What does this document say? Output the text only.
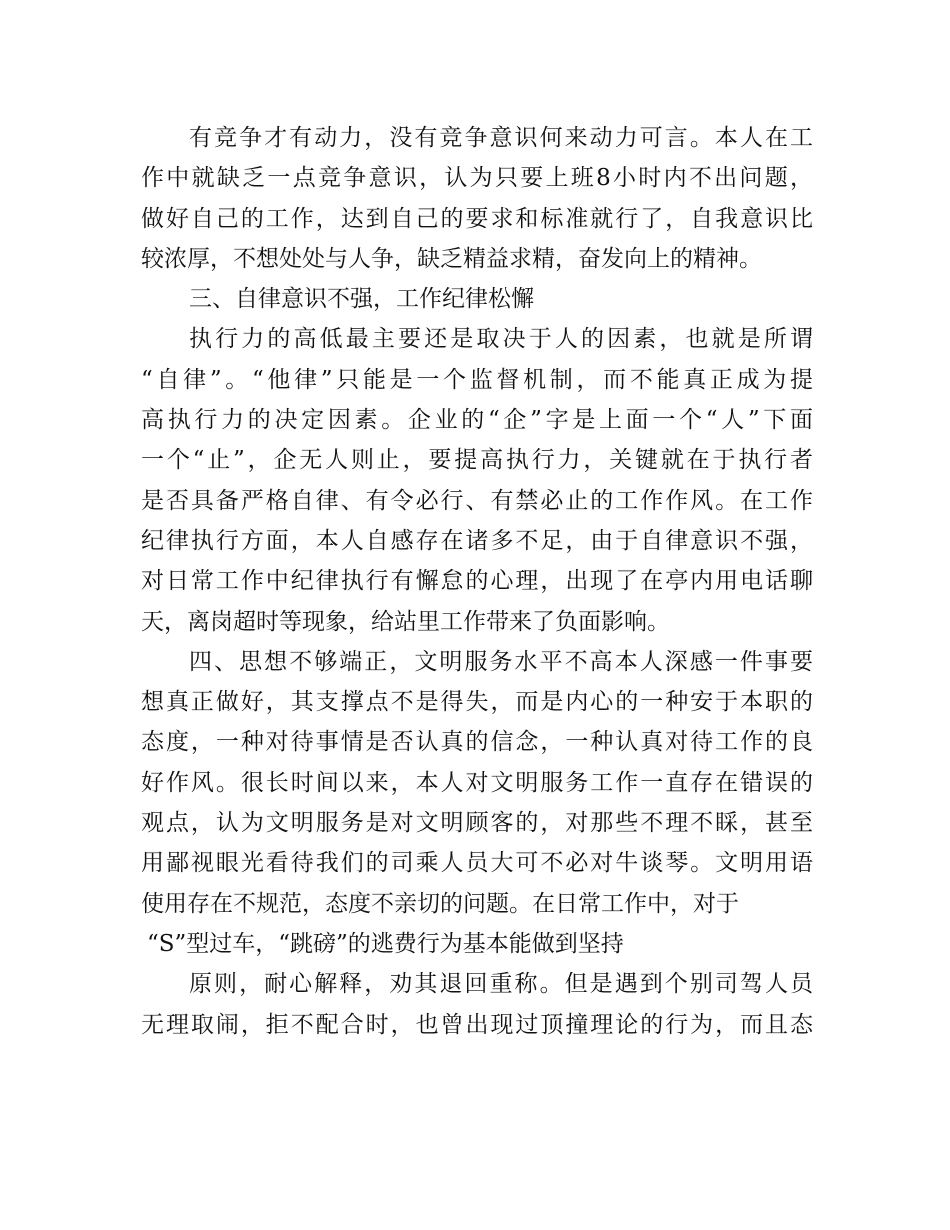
有竞争才有动力，没有竞争意识何来动力可言。本人在工
作中就缺乏一点竞争意识，认为只要上班8小时内不出问题，
做好自己的工作，达到自己的要求和标准就行了，自我意识比
较浓厚，不想处处与人争，缺乏精益求精，奋发向上的精神。
三、自律意识不强，工作纪律松懈
执行力的高低最主要还是取决于人的因素，也就是所谓
“自律”。“他律”只能是一个监督机制，而不能真正成为提
高执行力的决定因素。企业的“企”字是上面一个“人”下面
一个“止”，企无人则止，要提高执行力，关键就在于执行者
是否具备严格自律、有令必行、有禁必止的工作作风。在工作
纪律执行方面，本人自感存在诸多不足，由于自律意识不强，
对日常工作中纪律执行有懈怠的心理，出现了在亭内用电话聊
天，离岗超时等现象，给站里工作带来了负面影响。
四、思想不够端正，文明服务水平不高本人深感一件事要
想真正做好，其支撑点不是得失，而是内心的一种安于本职的
态度，一种对待事情是否认真的信念，一种认真对待工作的良
好作风。很长时间以来，本人对文明服务工作一直存在错误的
观点，认为文明服务是对文明顾客的，对那些不理不睬，甚至
用鄙视眼光看待我们的司乘人员大可不必对牛谈琴。文明用语
使用存在不规范，态度不亲切的问题。在日常工作中，对于
“S”型过车，“跳磅”的逃费行为基本能做到坚持
原则，耐心解释，劝其退回重称。但是遇到个别司驾人员
无理取闹，拒不配合时，也曾出现过顶撞理论的行为，而且态
